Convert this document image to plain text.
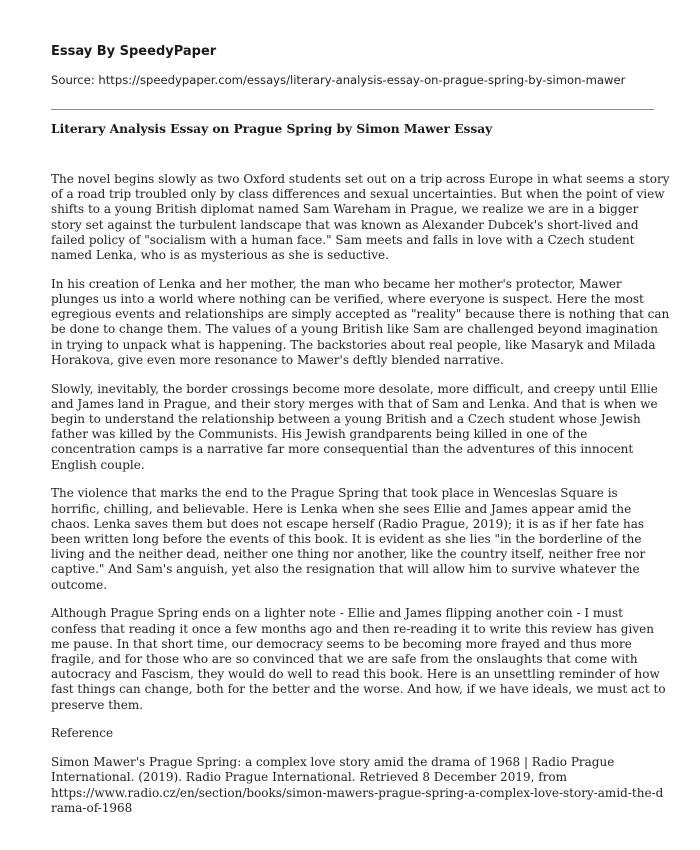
Essay By SpeedyPaper
Source: https://speedypaper.com/essays/literary-analysis-essay-on-prague-spring-by-simon-mawer
Literary Analysis Essay on Prague Spring by Simon Mawer Essay

The novel begins slowly as two Oxford students set out on a trip across Europe in what seems a story
of a road trip troubled only by class differences and sexual uncertainties. But when the point of view
shifts to a young British diplomat named Sam Wareham in Prague, we realize we are in a bigger
story set against the turbulent landscape that was known as Alexander Dubcek's short-lived and
failed policy of "socialism with a human face." Sam meets and falls in love with a Czech student
named Lenka, who is as mysterious as she is seductive.

In his creation of Lenka and her mother, the man who became her mother's protector, Mawer
plunges us into a world where nothing can be verified, where everyone is suspect. Here the most
egregious events and relationships are simply accepted as "reality" because there is nothing that can
be done to change them. The values of a young British like Sam are challenged beyond imagination
in trying to unpack what is happening. The backstories about real people, like Masaryk and Milada
Horakova, give even more resonance to Mawer's deftly blended narrative.

Slowly, inevitably, the border crossings become more desolate, more difficult, and creepy until Ellie
and James land in Prague, and their story merges with that of Sam and Lenka. And that is when we
begin to understand the relationship between a young British and a Czech student whose Jewish
father was killed by the Communists. His Jewish grandparents being killed in one of the
concentration camps is a narrative far more consequential than the adventures of this innocent
English couple.

The violence that marks the end to the Prague Spring that took place in Wenceslas Square is
horrific, chilling, and believable. Here is Lenka when she sees Ellie and James appear amid the
chaos. Lenka saves them but does not escape herself (Radio Prague, 2019); it is as if her fate has
been written long before the events of this book. It is evident as she lies "in the borderline of the
living and the neither dead, neither one thing nor another, like the country itself, neither free nor
captive." And Sam's anguish, yet also the resignation that will allow him to survive whatever the
outcome.

Although Prague Spring ends on a lighter note - Ellie and James flipping another coin - I must
confess that reading it once a few months ago and then re-reading it to write this review has given
me pause. In that short time, our democracy seems to be becoming more frayed and thus more
fragile, and for those who are so convinced that we are safe from the onslaughts that come with
autocracy and Fascism, they would do well to read this book. Here is an unsettling reminder of how
fast things can change, both for the better and the worse. And how, if we have ideals, we must act to
preserve them.

Reference

Simon Mawer's Prague Spring: a complex love story amid the drama of 1968 | Radio Prague
International. (2019). Radio Prague International. Retrieved 8 December 2019, from
https://www.radio.cz/en/section/books/simon-mawers-prague-spring-a-complex-love-story-amid-the-d
rama-of-1968
